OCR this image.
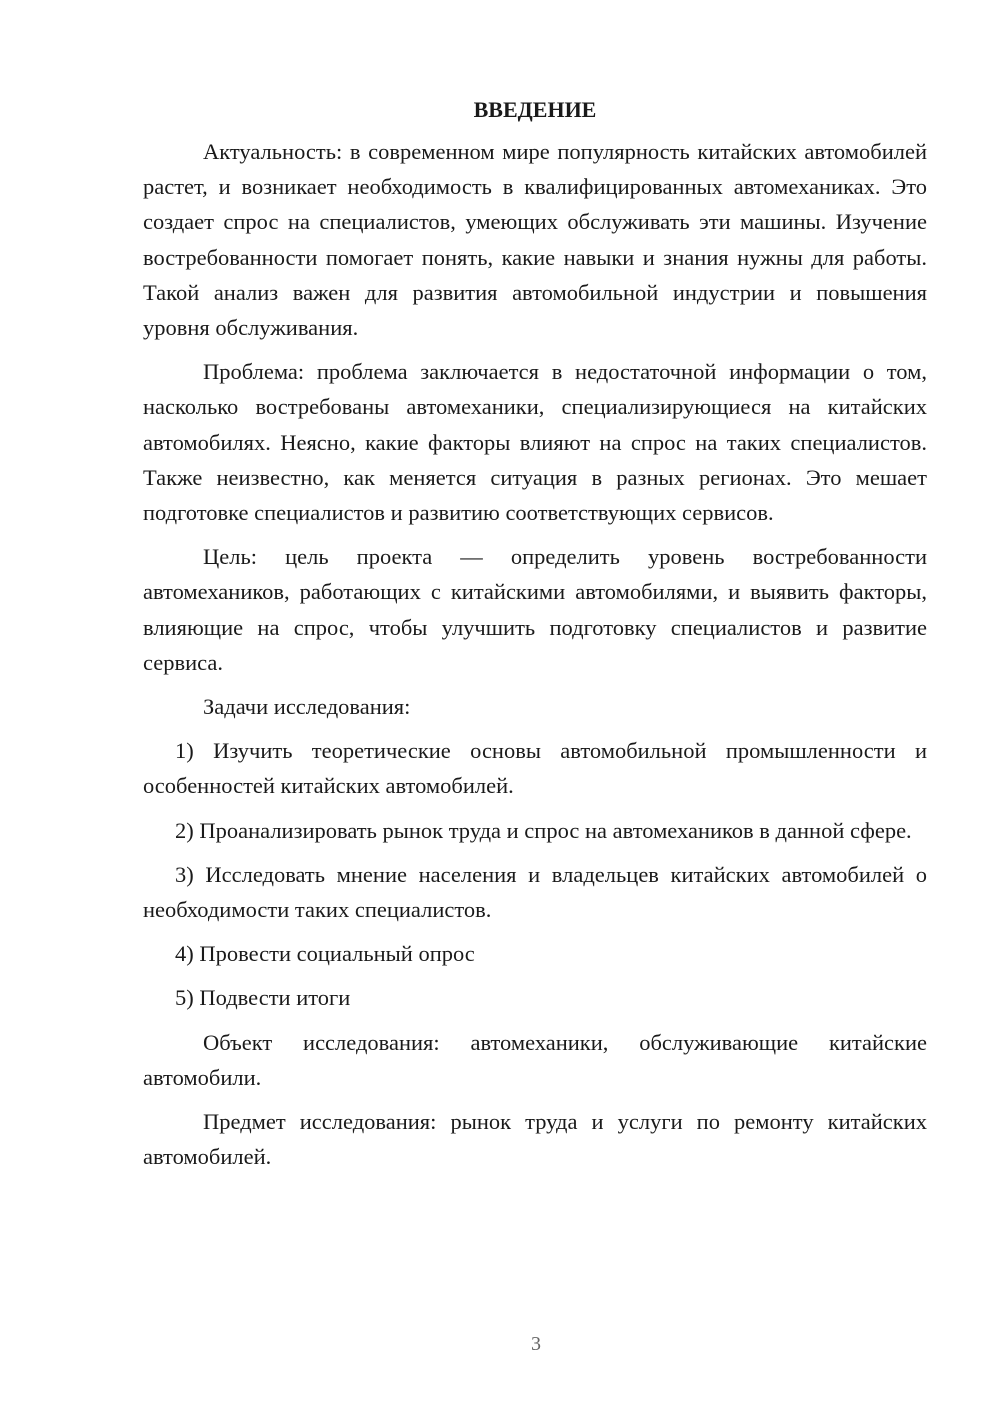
ВВЕДЕНИЕ

Актуальность: в современном мире популярность китайских автомобилей растет, и возникает необходимость в квалифицированных автомеханиках. Это создает спрос на специалистов, умеющих обслуживать эти машины. Изучение востребованности помогает понять, какие навыки и знания нужны для работы. Такой анализ важен для развития автомобильной индустрии и повышения уровня обслуживания.

Проблема: проблема заключается в недостаточной информации о том, насколько востребованы автомеханики, специализирующиеся на китайских автомобилях. Неясно, какие факторы влияют на спрос на таких специалистов. Также неизвестно, как меняется ситуация в разных регионах. Это мешает подготовке специалистов и развитию соответствующих сервисов.

Цель: цель проекта — определить уровень востребованности автомехаников, работающих с китайскими автомобилями, и выявить факторы, влияющие на спрос, чтобы улучшить подготовку специалистов и развитие сервиса.

Задачи исследования:

1) Изучить теоретические основы автомобильной промышленности и особенностей китайских автомобилей.

2) Проанализировать рынок труда и спрос на автомехаников в данной сфере.

3) Исследовать мнение населения и владельцев китайских автомобилей о необходимости таких специалистов.

4) Провести социальный опрос

5) Подвести итоги

Объект исследования: автомеханики, обслуживающие китайские автомобили.

Предмет исследования: рынок труда и услуги по ремонту китайских автомобилей.

3
